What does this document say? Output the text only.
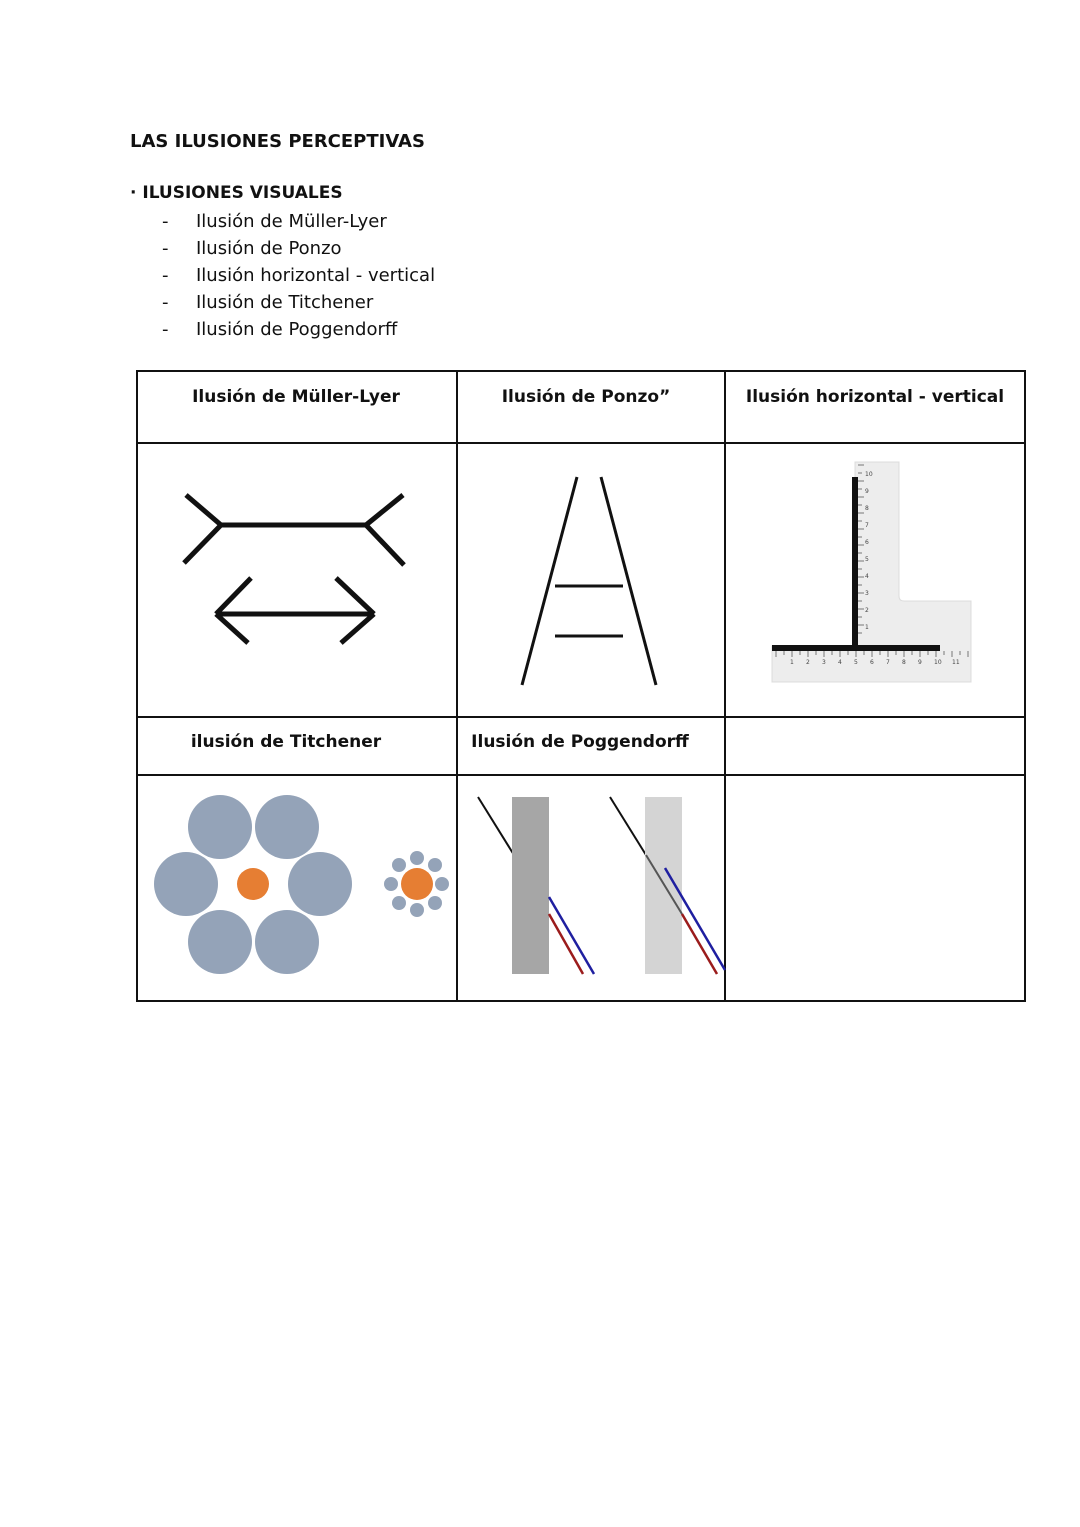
LAS ILUSIONES PERCEPTIVAS
· ILUSIONES VISUALES
-	Ilusión de Müller-Lyer
-	Ilusión de Ponzo
-	Ilusión horizontal - vertical
-	Ilusión de Titchener
-	Ilusión de Poggendorff
Ilusión de Müller-Lyer	Ilusión de Ponzo”	Ilusión horizontal - vertical
ilusión de Titchener	Ilusión de Poggendorff
10
9
8
7
6
5
4
3
2
1
1 2 3 4 5 6 7 8 9 10 11
